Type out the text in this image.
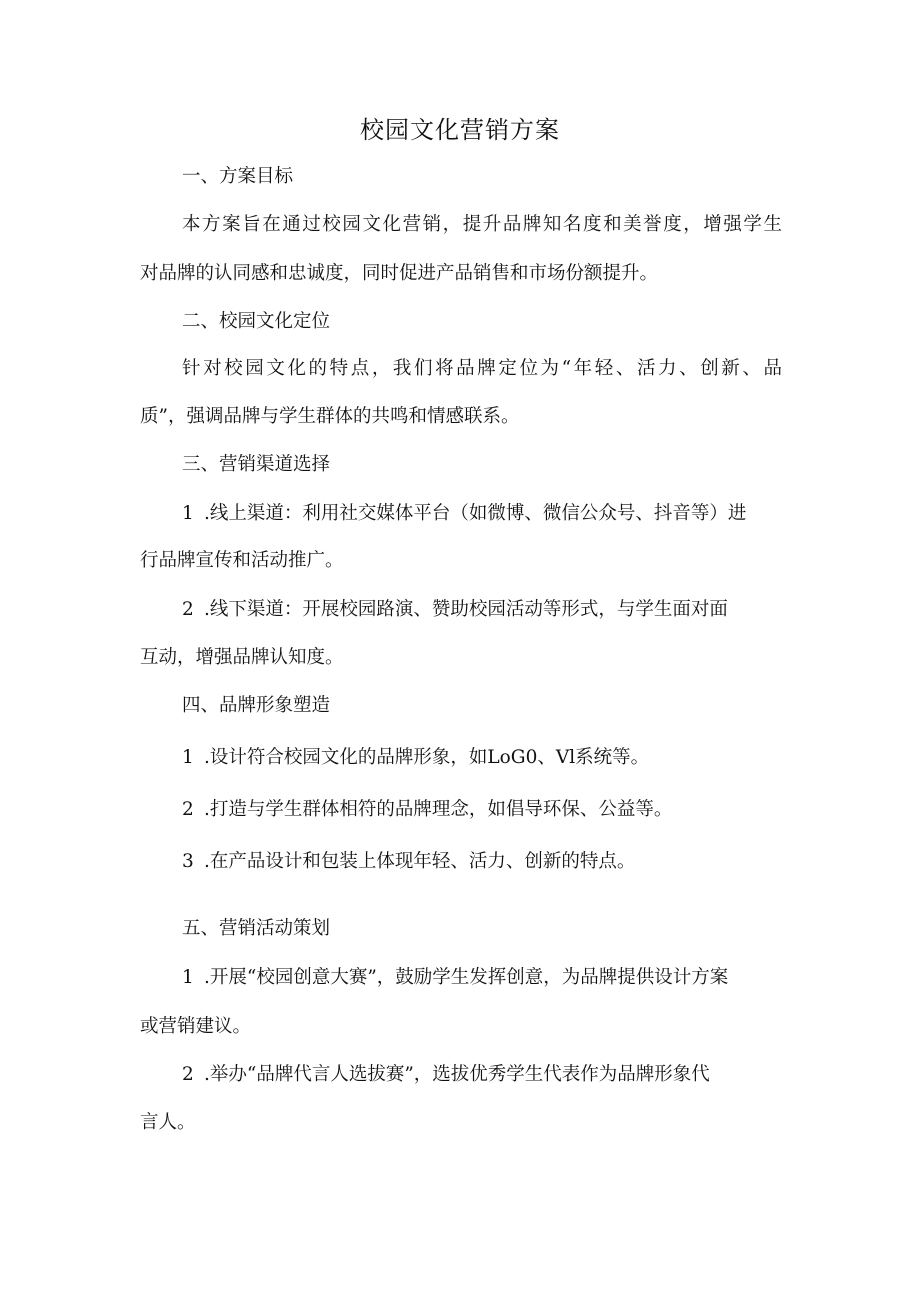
校园文化营销方案
一、方案目标
本方案旨在通过校园文化营销，提升品牌知名度和美誉度，增强学生
对品牌的认同感和忠诚度，同时促进产品销售和市场份额提升。
二、校园文化定位
针对校园文化的特点，我们将品牌定位为“年轻、活力、创新、品
质”，强调品牌与学生群体的共鸣和情感联系。
三、营销渠道选择
1 .线上渠道：利用社交媒体平台（如微博、微信公众号、抖音等）进
行品牌宣传和活动推广。
2 .线下渠道：开展校园路演、赞助校园活动等形式，与学生面对面
互动，增强品牌认知度。
四、品牌形象塑造
1 .设计符合校园文化的品牌形象，如LoG0、Vl系统等。
2 .打造与学生群体相符的品牌理念，如倡导环保、公益等。
3 .在产品设计和包装上体现年轻、活力、创新的特点。
五、营销活动策划
1 .开展“校园创意大赛”，鼓励学生发挥创意，为品牌提供设计方案
或营销建议。
2 .举办“品牌代言人选拔赛”，选拔优秀学生代表作为品牌形象代
言人。
